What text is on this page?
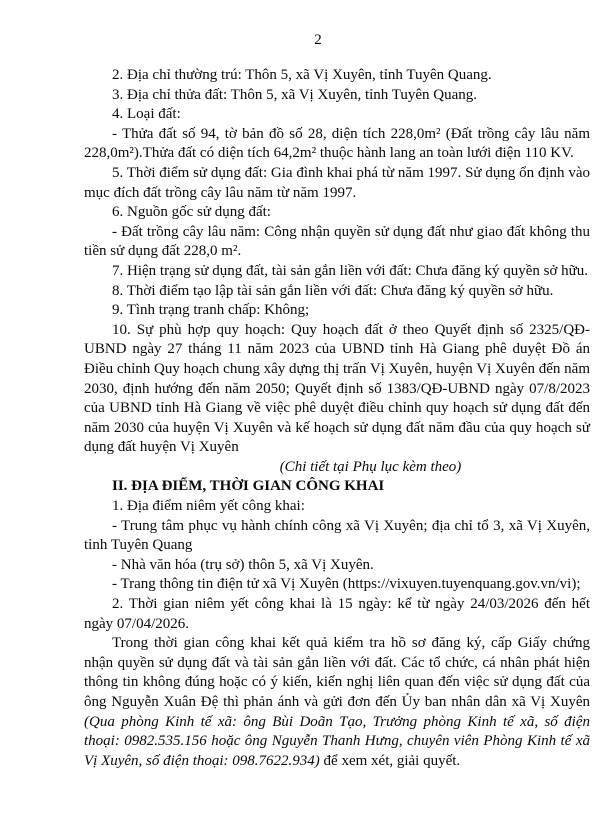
2

2. Địa chỉ thường trú: Thôn 5, xã Vị Xuyên, tỉnh Tuyên Quang.

3. Địa chỉ thửa đất: Thôn 5, xã Vị Xuyên, tỉnh Tuyên Quang.

4. Loại đất:

- Thửa đất số 94, tờ bản đồ số 28, diện tích 228,0m² (Đất trồng cây lâu năm 228,0m²).Thửa đất có diện tích 64,2m² thuộc hành lang an toàn lưới điện 110 KV.

5. Thời điểm sử dụng đất: Gia đình khai phá từ năm 1997. Sử dụng ổn định vào mục đích đất trồng cây lâu năm từ năm 1997.

6. Nguồn gốc sử dụng đất:

- Đất trồng cây lâu năm: Công nhận quyền sử dụng đất như giao đất không thu tiền sử dụng đất 228,0 m².

7. Hiện trạng sử dụng đất, tài sản gắn liền với đất: Chưa đăng ký quyền sở hữu.

8. Thời điểm tạo lập tài sản gắn liền với đất: Chưa đăng ký quyền sở hữu.

9. Tình trạng tranh chấp: Không;

10. Sự phù hợp quy hoạch: Quy hoạch đất ở theo Quyết định số 2325/QĐ-UBND ngày 27 tháng 11 năm 2023 của UBND tỉnh Hà Giang phê duyệt Đồ án Điều chỉnh Quy hoạch chung xây dựng thị trấn Vị Xuyên, huyện Vị Xuyên đến năm 2030, định hướng đến năm 2050; Quyết định số 1383/QĐ-UBND ngày 07/8/2023 của UBND tỉnh Hà Giang về việc phê duyệt điều chỉnh quy hoạch sử dụng đất đến năm 2030 của huyện Vị Xuyên và kế hoạch sử dụng đất năm đầu của quy hoạch sử dụng đất huyện Vị Xuyên

(Chi tiết tại Phụ lục kèm theo)

II. ĐỊA ĐIỂM, THỜI GIAN CÔNG KHAI

1. Địa điểm niêm yết công khai:

- Trung tâm phục vụ hành chính công xã Vị Xuyên; địa chỉ tổ 3, xã Vị Xuyên, tỉnh Tuyên Quang

- Nhà văn hóa (trụ sở) thôn 5, xã Vị Xuyên.

- Trang thông tin điện tử xã Vị Xuyên (https://vixuyen.tuyenquang.gov.vn/vi);

2. Thời gian niêm yết công khai là 15 ngày: kể từ ngày 24/03/2026 đến hết ngày 07/04/2026.

Trong thời gian công khai kết quả kiểm tra hồ sơ đăng ký, cấp Giấy chứng nhận quyền sử dụng đất và tài sản gắn liền với đất. Các tổ chức, cá nhân phát hiện thông tin không đúng hoặc có ý kiến, kiến nghị liên quan đến việc sử dụng đất của ông Nguyễn Xuân Đệ thì phản ánh và gửi đơn đến Ủy ban nhân dân xã Vị Xuyên (Qua phòng Kinh tế xã: ông Bùi Doãn Tạo, Trưởng phòng Kinh tế xã, số điện thoại: 0982.535.156 hoặc ông Nguyễn Thanh Hưng, chuyên viên Phòng Kinh tế xã Vị Xuyên, số điện thoại: 098.7622.934) để xem xét, giải quyết.
